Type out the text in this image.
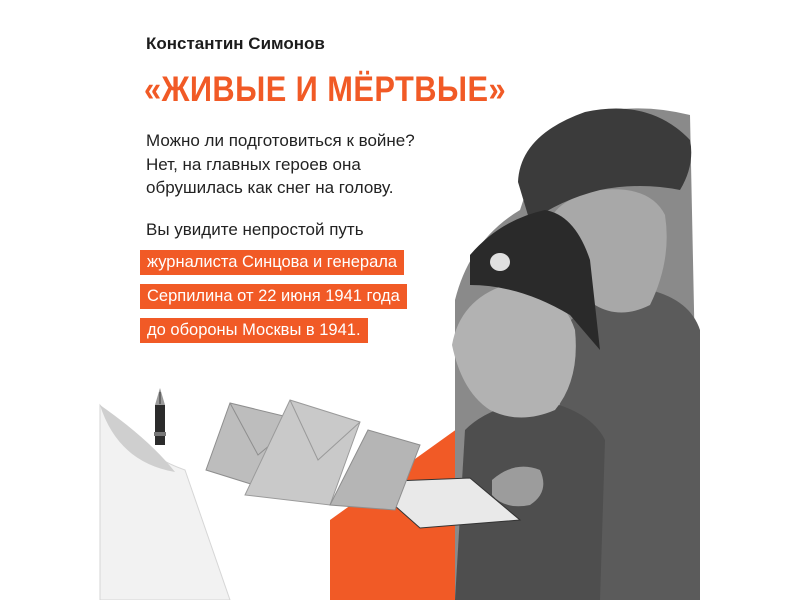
Константин Симонов
«ЖИВЫЕ И МЁРТВЫЕ»
Можно ли подготовиться к войне?
Нет, на главных героев она
обрушилась как снег на голову.
Вы увидите непростой путь
журналиста Синцова и генерала
Серпилина от 22 июня 1941 года
до обороны Москвы в 1941.
